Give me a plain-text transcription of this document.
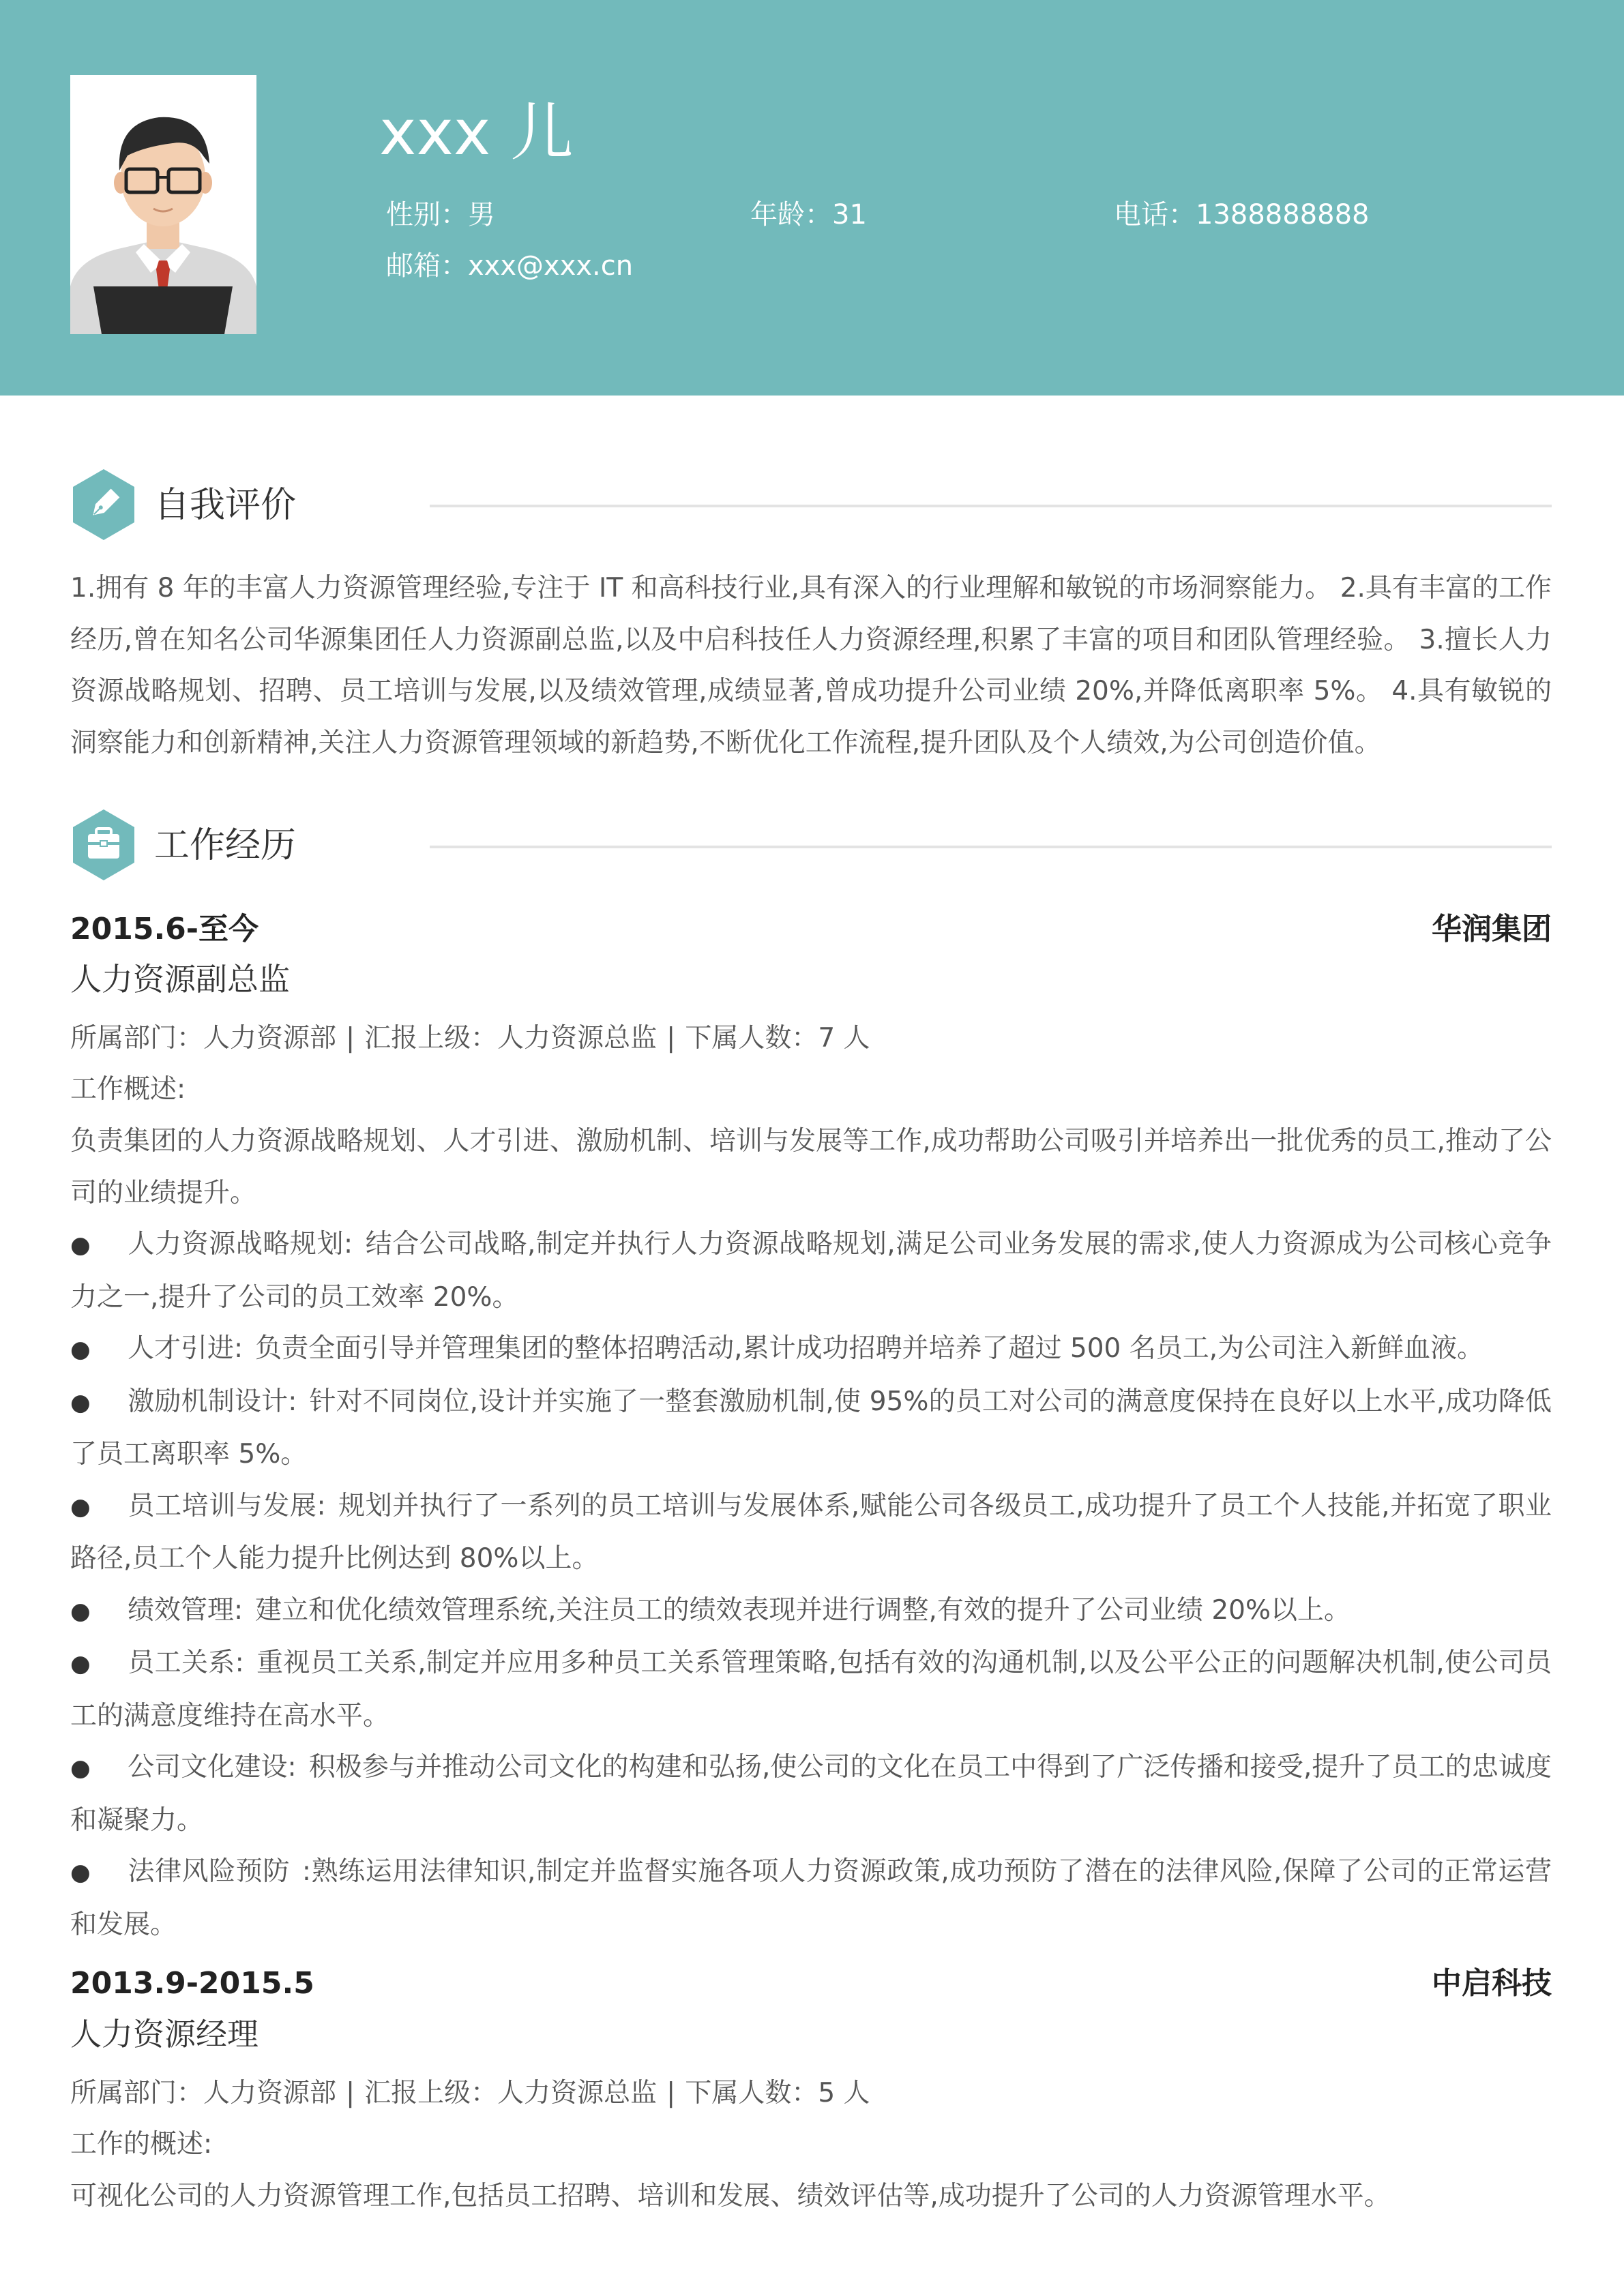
xxx 儿
性别：男	年龄：31	电话：1388888888
邮箱：xxx@xxx.cn
自我评价
1.拥有 8 年的丰富人力资源管理经验,专注于 IT 和高科技行业,具有深入的行业理解和敏锐的市场洞察能力。 2.具有丰富的工作经历,曾在知名公司华源集团任人力资源副总监,以及中启科技任人力资源经理,积累了丰富的项目和团队管理经验。 3.擅长人力资源战略规划、招聘、员工培训与发展,以及绩效管理,成绩显著,曾成功提升公司业绩 20%,并降低离职率 5%。 4.具有敏锐的洞察能力和创新精神,关注人力资源管理领域的新趋势,不断优化工作流程,提升团队及个人绩效,为公司创造价值。
工作经历
2015.6-至今	华润集团
人力资源副总监
所属部门：人力资源部 | 汇报上级：人力资源总监 | 下属人数：7 人
工作概述:
负责集团的人力资源战略规划、人才引进、激励机制、培训与发展等工作,成功帮助公司吸引并培养出一批优秀的员工,推动了公司的业绩提升。
● 人力资源战略规划: 结合公司战略,制定并执行人力资源战略规划,满足公司业务发展的需求,使人力资源成为公司核心竞争力之一,提升了公司的员工效率 20%。
● 人才引进: 负责全面引导并管理集团的整体招聘活动,累计成功招聘并培养了超过 500 名员工,为公司注入新鲜血液。
● 激励机制设计: 针对不同岗位,设计并实施了一整套激励机制,使 95%的员工对公司的满意度保持在良好以上水平,成功降低了员工离职率 5%。
● 员工培训与发展: 规划并执行了一系列的员工培训与发展体系,赋能公司各级员工,成功提升了员工个人技能,并拓宽了职业路径,员工个人能力提升比例达到 80%以上。
● 绩效管理: 建立和优化绩效管理系统,关注员工的绩效表现并进行调整,有效的提升了公司业绩 20%以上。
● 员工关系: 重视员工关系,制定并应用多种员工关系管理策略,包括有效的沟通机制,以及公平公正的问题解决机制,使公司员工的满意度维持在高水平。
● 公司文化建设: 积极参与并推动公司文化的构建和弘扬,使公司的文化在员工中得到了广泛传播和接受,提升了员工的忠诚度和凝聚力。
● 法律风险预防 :熟练运用法律知识,制定并监督实施各项人力资源政策,成功预防了潜在的法律风险,保障了公司的正常运营和发展。
2013.9-2015.5	中启科技
人力资源经理
所属部门：人力资源部 | 汇报上级：人力资源总监 | 下属人数：5 人
工作的概述:
可视化公司的人力资源管理工作,包括员工招聘、培训和发展、绩效评估等,成功提升了公司的人力资源管理水平。
